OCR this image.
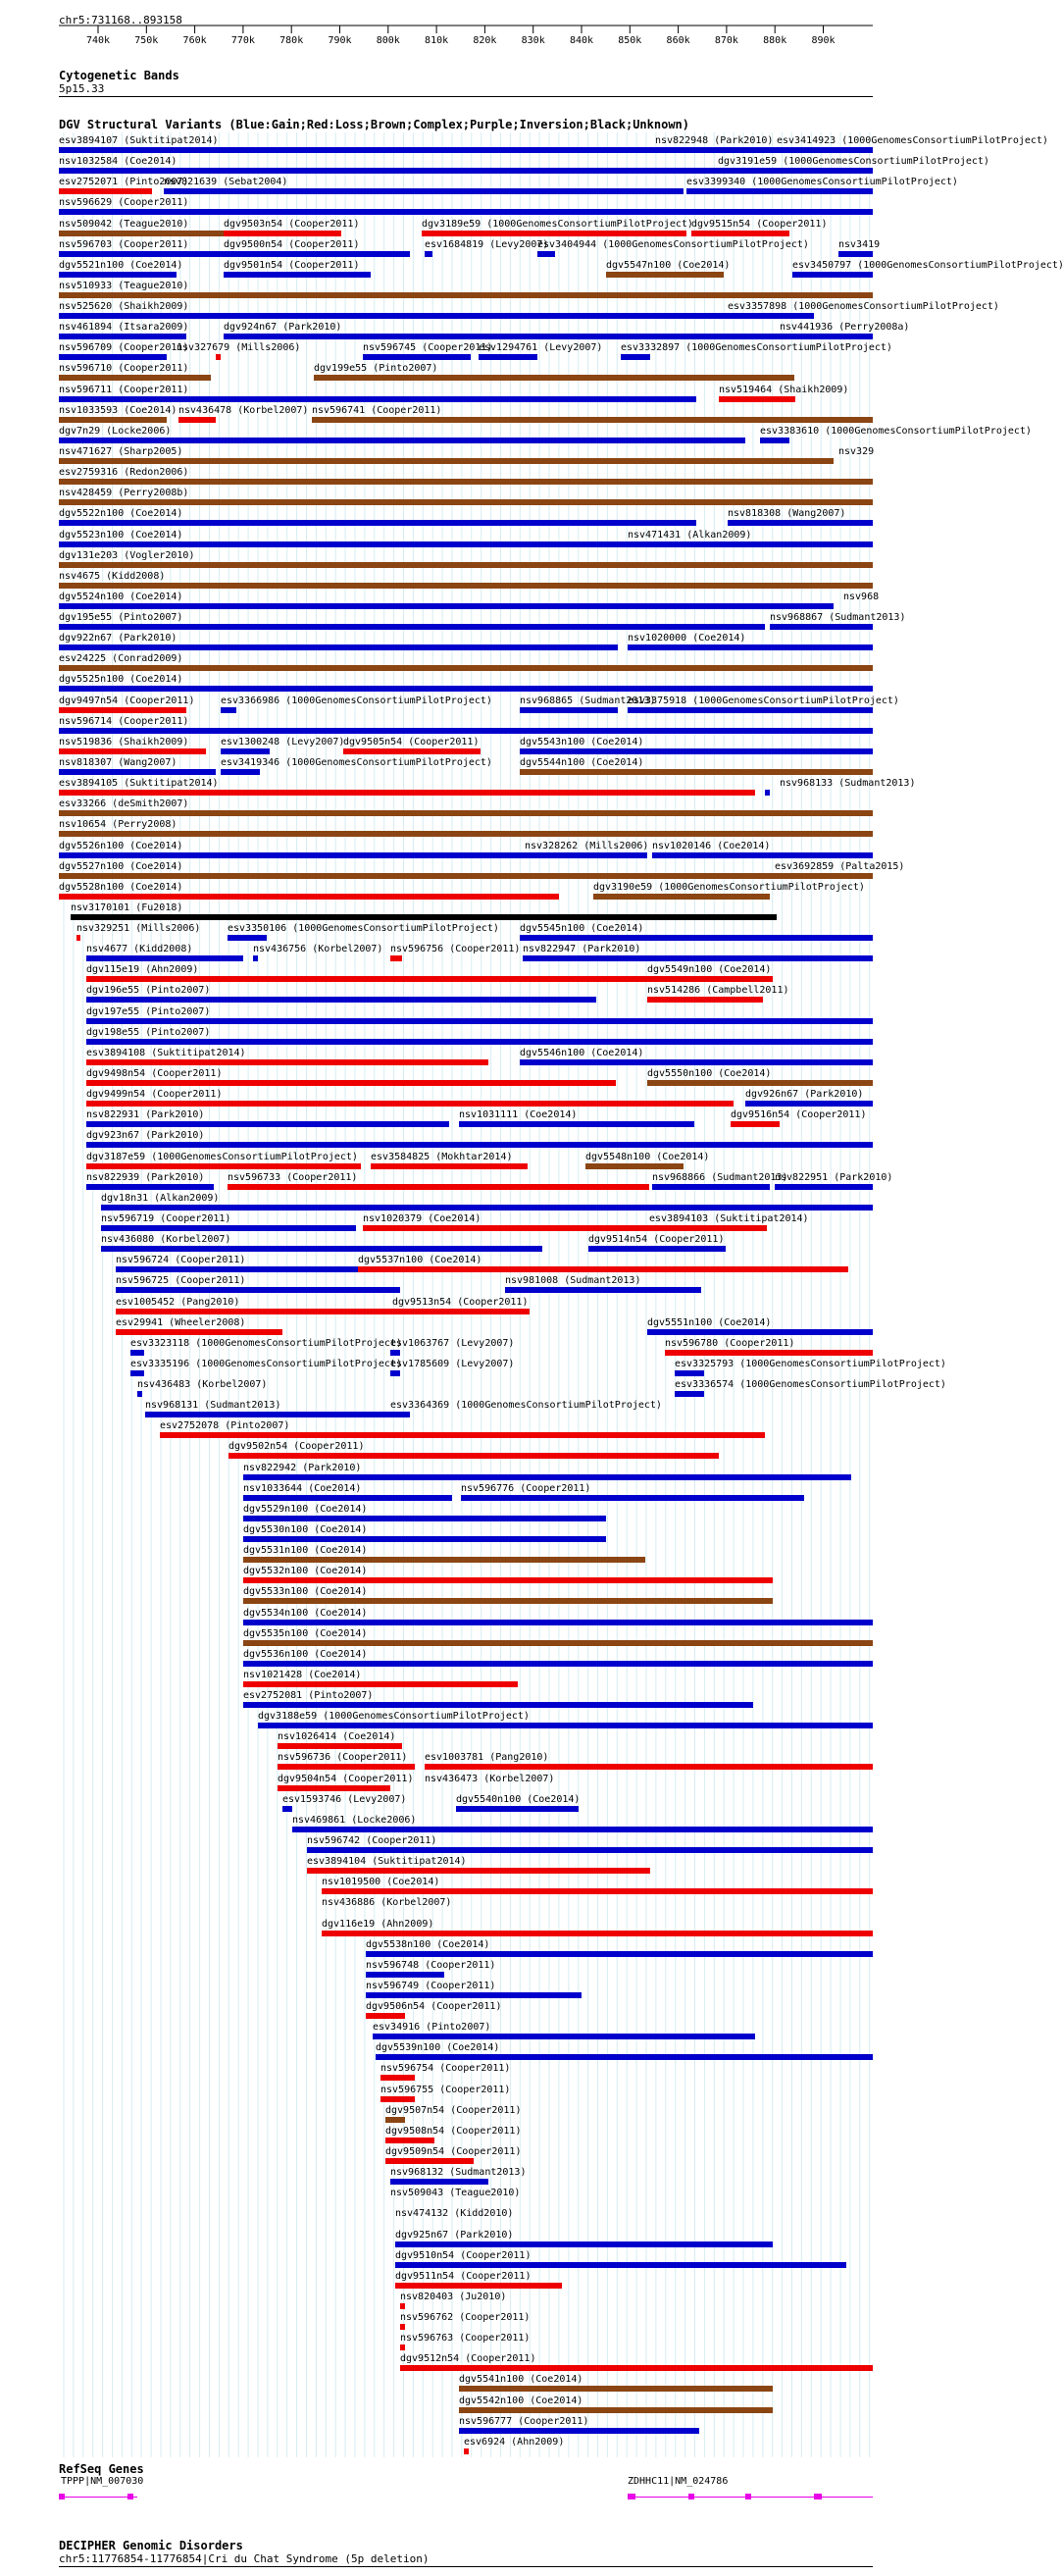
chr5:731168..893158
740k	750k	760k	770k	780k	790k	800k	810k	820k	830k	840k	850k	860k	870k	880k	890k
Cytogenetic Bands
5p15.33
DGV Structural Variants (Blue:Gain;Red:Loss;Brown;Complex;Purple;Inversion;Black;Unknown)
esv3894107 (Suktitipat2014)	nsv822948 (Park2010) esv3414923 (1000GenomesConsortiumPilotProject)
nsv1032584 (Coe2014)	dgv3191e59 (1000GenomesConsortiumPilotProject)
esv2752071 (Pinto2007)
nsv821639 (Sebat2004)	esv3399340 (1000GenomesConsortiumPilotProject)
nsv596629 (Cooper2011)
nsv509042 (Teague2010)	dgv9503n54 (Cooper2011)	dgv3189e59 (1000GenomesConsortiumPilotProject)
dgv9515n54 (Cooper2011)
nsv596703 (Cooper2011)	dgv9500n54 (Cooper2011)	esv1684819 (Levy2007)
esv3404944 (1000GenomesConsortiumPilotProject)	nsv3419
dgv5521n100 (Coe2014)	dgv9501n54 (Cooper2011)	dgv5547n100 (Coe2014)	esv3450797 (1000GenomesConsortiumPilotProject)
nsv510933 (Teague2010)
nsv525620 (Shaikh2009)	esv3357898 (1000GenomesConsortiumPilotProject)
nsv461894 (Itsara2009)	dgv924n67 (Park2010)	nsv441936 (Perry2008a)
nsv596709 (Cooper2011)
nsv327679 (Mills2006)	nsv596745 (Cooper2011)
esv1294761 (Levy2007) esv3332897 (1000GenomesConsortiumPilotProject)
nsv596710 (Cooper2011)	dgv199e55 (Pinto2007)
nsv596711 (Cooper2011)	nsv519464 (Shaikh2009)
nsv1033593 (Coe2014) nsv436478 (Korbel2007) nsv596741 (Cooper2011)
dgv7n29 (Locke2006)	esv3383610 (1000GenomesConsortiumPilotProject)
nsv471627 (Sharp2005)	nsv329
esv2759316 (Redon2006)
nsv428459 (Perry2008b)
dgv5522n100 (Coe2014)	nsv818308 (Wang2007)
dgv5523n100 (Coe2014)	nsv471431 (Alkan2009)
dgv131e203 (Vogler2010)
nsv4675 (Kidd2008)
dgv5524n100 (Coe2014)	nsv968
dgv195e55 (Pinto2007)	nsv968867 (Sudmant2013)
dgv922n67 (Park2010)	nsv1020000 (Coe2014)
esv24225 (Conrad2009)
dgv5525n100 (Coe2014)
dgv9497n54 (Cooper2011)	esv3366986 (1000GenomesConsortiumPilotProject)	nsv968865 (Sudmant2013)
esv3375918 (1000GenomesConsortiumPilotProject)
nsv596714 (Cooper2011)
nsv519836 (Shaikh2009)	esv1300248 (Levy2007)
dgv9505n54 (Cooper2011)	dgv5543n100 (Coe2014)
nsv818307 (Wang2007)	esv3419346 (1000GenomesConsortiumPilotProject)	dgv5544n100 (Coe2014)
esv3894105 (Suktitipat2014)	nsv968133 (Sudmant2013)
esv33266 (deSmith2007)
nsv10654 (Perry2008)
dgv5526n100 (Coe2014)	nsv328262 (Mills2006) nsv1020146 (Coe2014)
dgv5527n100 (Coe2014)	esv3692859 (Palta2015)
dgv5528n100 (Coe2014)	dgv3190e59 (1000GenomesConsortiumPilotProject)
nsv3170101 (Fu2018)
nsv329251 (Mills2006)	esv3350106 (1000GenomesConsortiumPilotProject) dgv5545n100 (Coe2014)
nsv4677 (Kidd2008)	nsv436756 (Korbel2007) nsv596756 (Cooper2011) nsv822947 (Park2010)
dgv115e19 (Ahn2009)	dgv5549n100 (Coe2014)
dgv196e55 (Pinto2007)	nsv514286 (Campbell2011)
dgv197e55 (Pinto2007)
dgv198e55 (Pinto2007)
esv3894108 (Suktitipat2014)	dgv5546n100 (Coe2014)
dgv9498n54 (Cooper2011)	dgv5550n100 (Coe2014)
dgv9499n54 (Cooper2011)	dgv926n67 (Park2010)
nsv822931 (Park2010)	nsv1031111 (Coe2014)	dgv9516n54 (Cooper2011)
dgv923n67 (Park2010)
dgv3187e59 (1000GenomesConsortiumPilotProject) esv3584825 (Mokhtar2014)	dgv5548n100 (Coe2014)
nsv822939 (Park2010) nsv596733 (Cooper2011)	nsv968866 (Sudmant2013)
nsv822951 (Park2010)
dgv18n31 (Alkan2009)
nsv596719 (Cooper2011)	nsv1020379 (Coe2014)	esv3894103 (Suktitipat2014)
nsv436080 (Korbel2007)	dgv9514n54 (Cooper2011)
nsv596724 (Cooper2011)	dgv5537n100 (Coe2014)
nsv596725 (Cooper2011)	nsv981008 (Sudmant2013)
esv1005452 (Pang2010)	dgv9513n54 (Cooper2011)
esv29941 (Wheeler2008)	dgv5551n100 (Coe2014)
esv3323118 (1000GenomesConsortiumPilotProject)
esv1063767 (Levy2007)	nsv596780 (Cooper2011)
esv3335196 (1000GenomesConsortiumPilotProject)
esv1785609 (Levy2007)	esv3325793 (1000GenomesConsortiumPilotProject)
nsv436483 (Korbel2007)	esv3336574 (1000GenomesConsortiumPilotProject)
nsv968131 (Sudmant2013)	esv3364369 (1000GenomesConsortiumPilotProject)
esv2752078 (Pinto2007)
dgv9502n54 (Cooper2011)
nsv822942 (Park2010)
nsv1033644 (Coe2014)	nsv596776 (Cooper2011)
dgv5529n100 (Coe2014)
dgv5530n100 (Coe2014)
dgv5531n100 (Coe2014)
dgv5532n100 (Coe2014)
dgv5533n100 (Coe2014)
dgv5534n100 (Coe2014)
dgv5535n100 (Coe2014)
dgv5536n100 (Coe2014)
nsv1021428 (Coe2014)
esv2752081 (Pinto2007)
dgv3188e59 (1000GenomesConsortiumPilotProject)
nsv1026414 (Coe2014)
nsv596736 (Cooper2011) esv1003781 (Pang2010)
dgv9504n54 (Cooper2011) nsv436473 (Korbel2007)
esv1593746 (Levy2007)	dgv5540n100 (Coe2014)
nsv469861 (Locke2006)
nsv596742 (Cooper2011)
esv3894104 (Suktitipat2014)
nsv1019500 (Coe2014)
nsv436886 (Korbel2007)
dgv116e19 (Ahn2009)
dgv5538n100 (Coe2014)
nsv596748 (Cooper2011)
nsv596749 (Cooper2011)
dgv9506n54 (Cooper2011)
esv34916 (Pinto2007)
dgv5539n100 (Coe2014)
nsv596754 (Cooper2011)
nsv596755 (Cooper2011)
dgv9507n54 (Cooper2011)
dgv9508n54 (Cooper2011)
dgv9509n54 (Cooper2011)
nsv968132 (Sudmant2013)
nsv509043 (Teague2010)
nsv474132 (Kidd2010)
dgv925n67 (Park2010)
dgv9510n54 (Cooper2011)
dgv9511n54 (Cooper2011)
nsv820403 (Ju2010)
nsv596762 (Cooper2011)
nsv596763 (Cooper2011)
dgv9512n54 (Cooper2011)
dgv5541n100 (Coe2014)
dgv5542n100 (Coe2014)
nsv596777 (Cooper2011)
esv6924 (Ahn2009)
RefSeq Genes
TPPP|NM_007030	ZDHHC11|NM_024786
DECIPHER Genomic Disorders
chr5:11776854-11776854|Cri du Chat Syndrome (5p deletion)
